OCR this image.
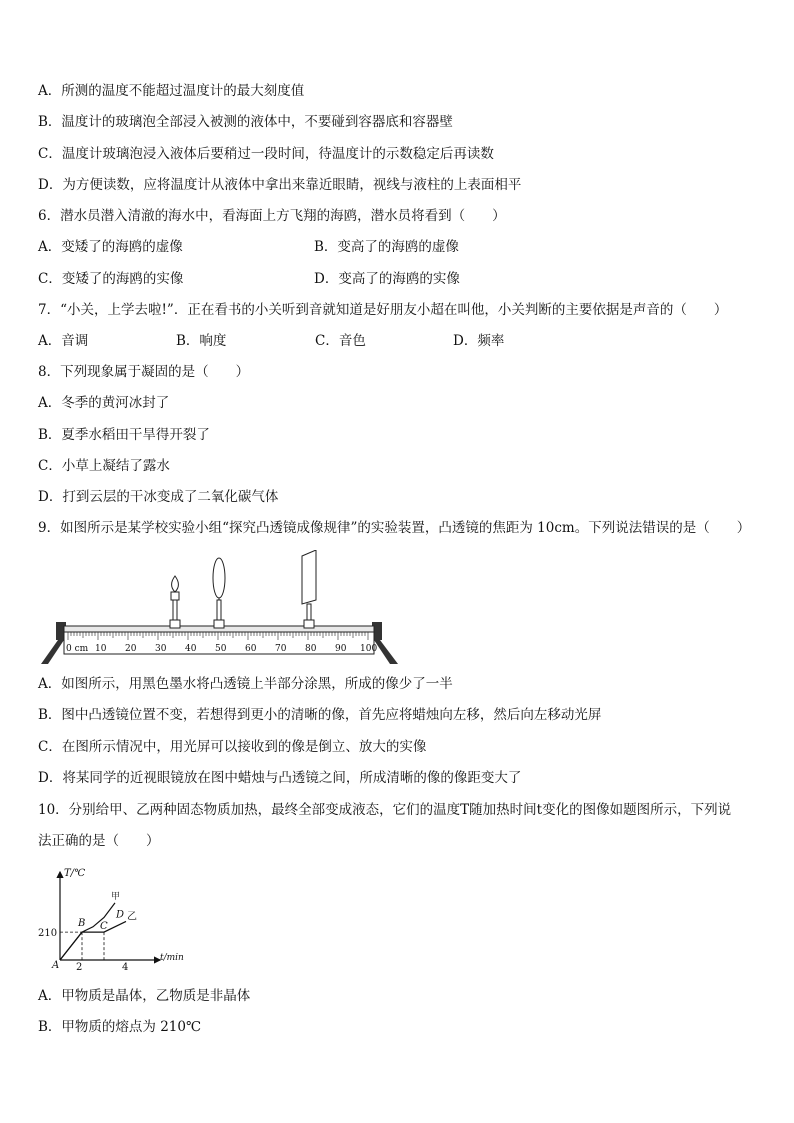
A．所测的温度不能超过温度计的最大刻度值
B．温度计的玻璃泡全部浸入被测的液体中，不要碰到容器底和容器壁
C．温度计玻璃泡浸入液体后要稍过一段时间，待温度计的示数稳定后再读数
D．为方便读数，应将温度计从液体中拿出来靠近眼睛，视线与液柱的上表面相平
6．潜水员潜入清澈的海水中，看海面上方飞翔的海鸥，潜水员将看到（　　）
A．变矮了的海鸥的虚像	B．变高了的海鸥的虚像
C．变矮了的海鸥的实像	D．变高了的海鸥的实像
7．“小关，上学去啦!”．正在看书的小关听到音就知道是好朋友小超在叫他，小关判断的主要依据是声音的（　　）
A．音调	B．响度	C．音色	D．频率
8．下列现象属于凝固的是（　　）
A．冬季的黄河冰封了
B．夏季水稻田干旱得开裂了
C．小草上凝结了露水
D．打到云层的干冰变成了二氧化碳气体
9．如图所示是某学校实验小组“探究凸透镜成像规律”的实验装置，凸透镜的焦距为 10cm。下列说法错误的是（　　）
0 cm 10 20 30 40 50 60 70 80 90 100
A．如图所示，用黑色墨水将凸透镜上半部分涂黑，所成的像少了一半
B．图中凸透镜位置不变，若想得到更小的清晰的像，首先应将蜡烛向左移，然后向左移动光屏
C．在图所示情况中，用光屏可以接收到的像是倒立、放大的实像
D．将某同学的近视眼镜放在图中蜡烛与凸透镜之间，所成清晰的像的像距变大了
10．分别给甲、乙两种固态物质加热，最终全部变成液态，它们的温度T随加热时间t变化的图像如题图所示，下列说
法正确的是（　　）
T/℃
t/min
210
2	4
A
B C
D
甲
乙
A．甲物质是晶体，乙物质是非晶体
B．甲物质的熔点为 210℃
